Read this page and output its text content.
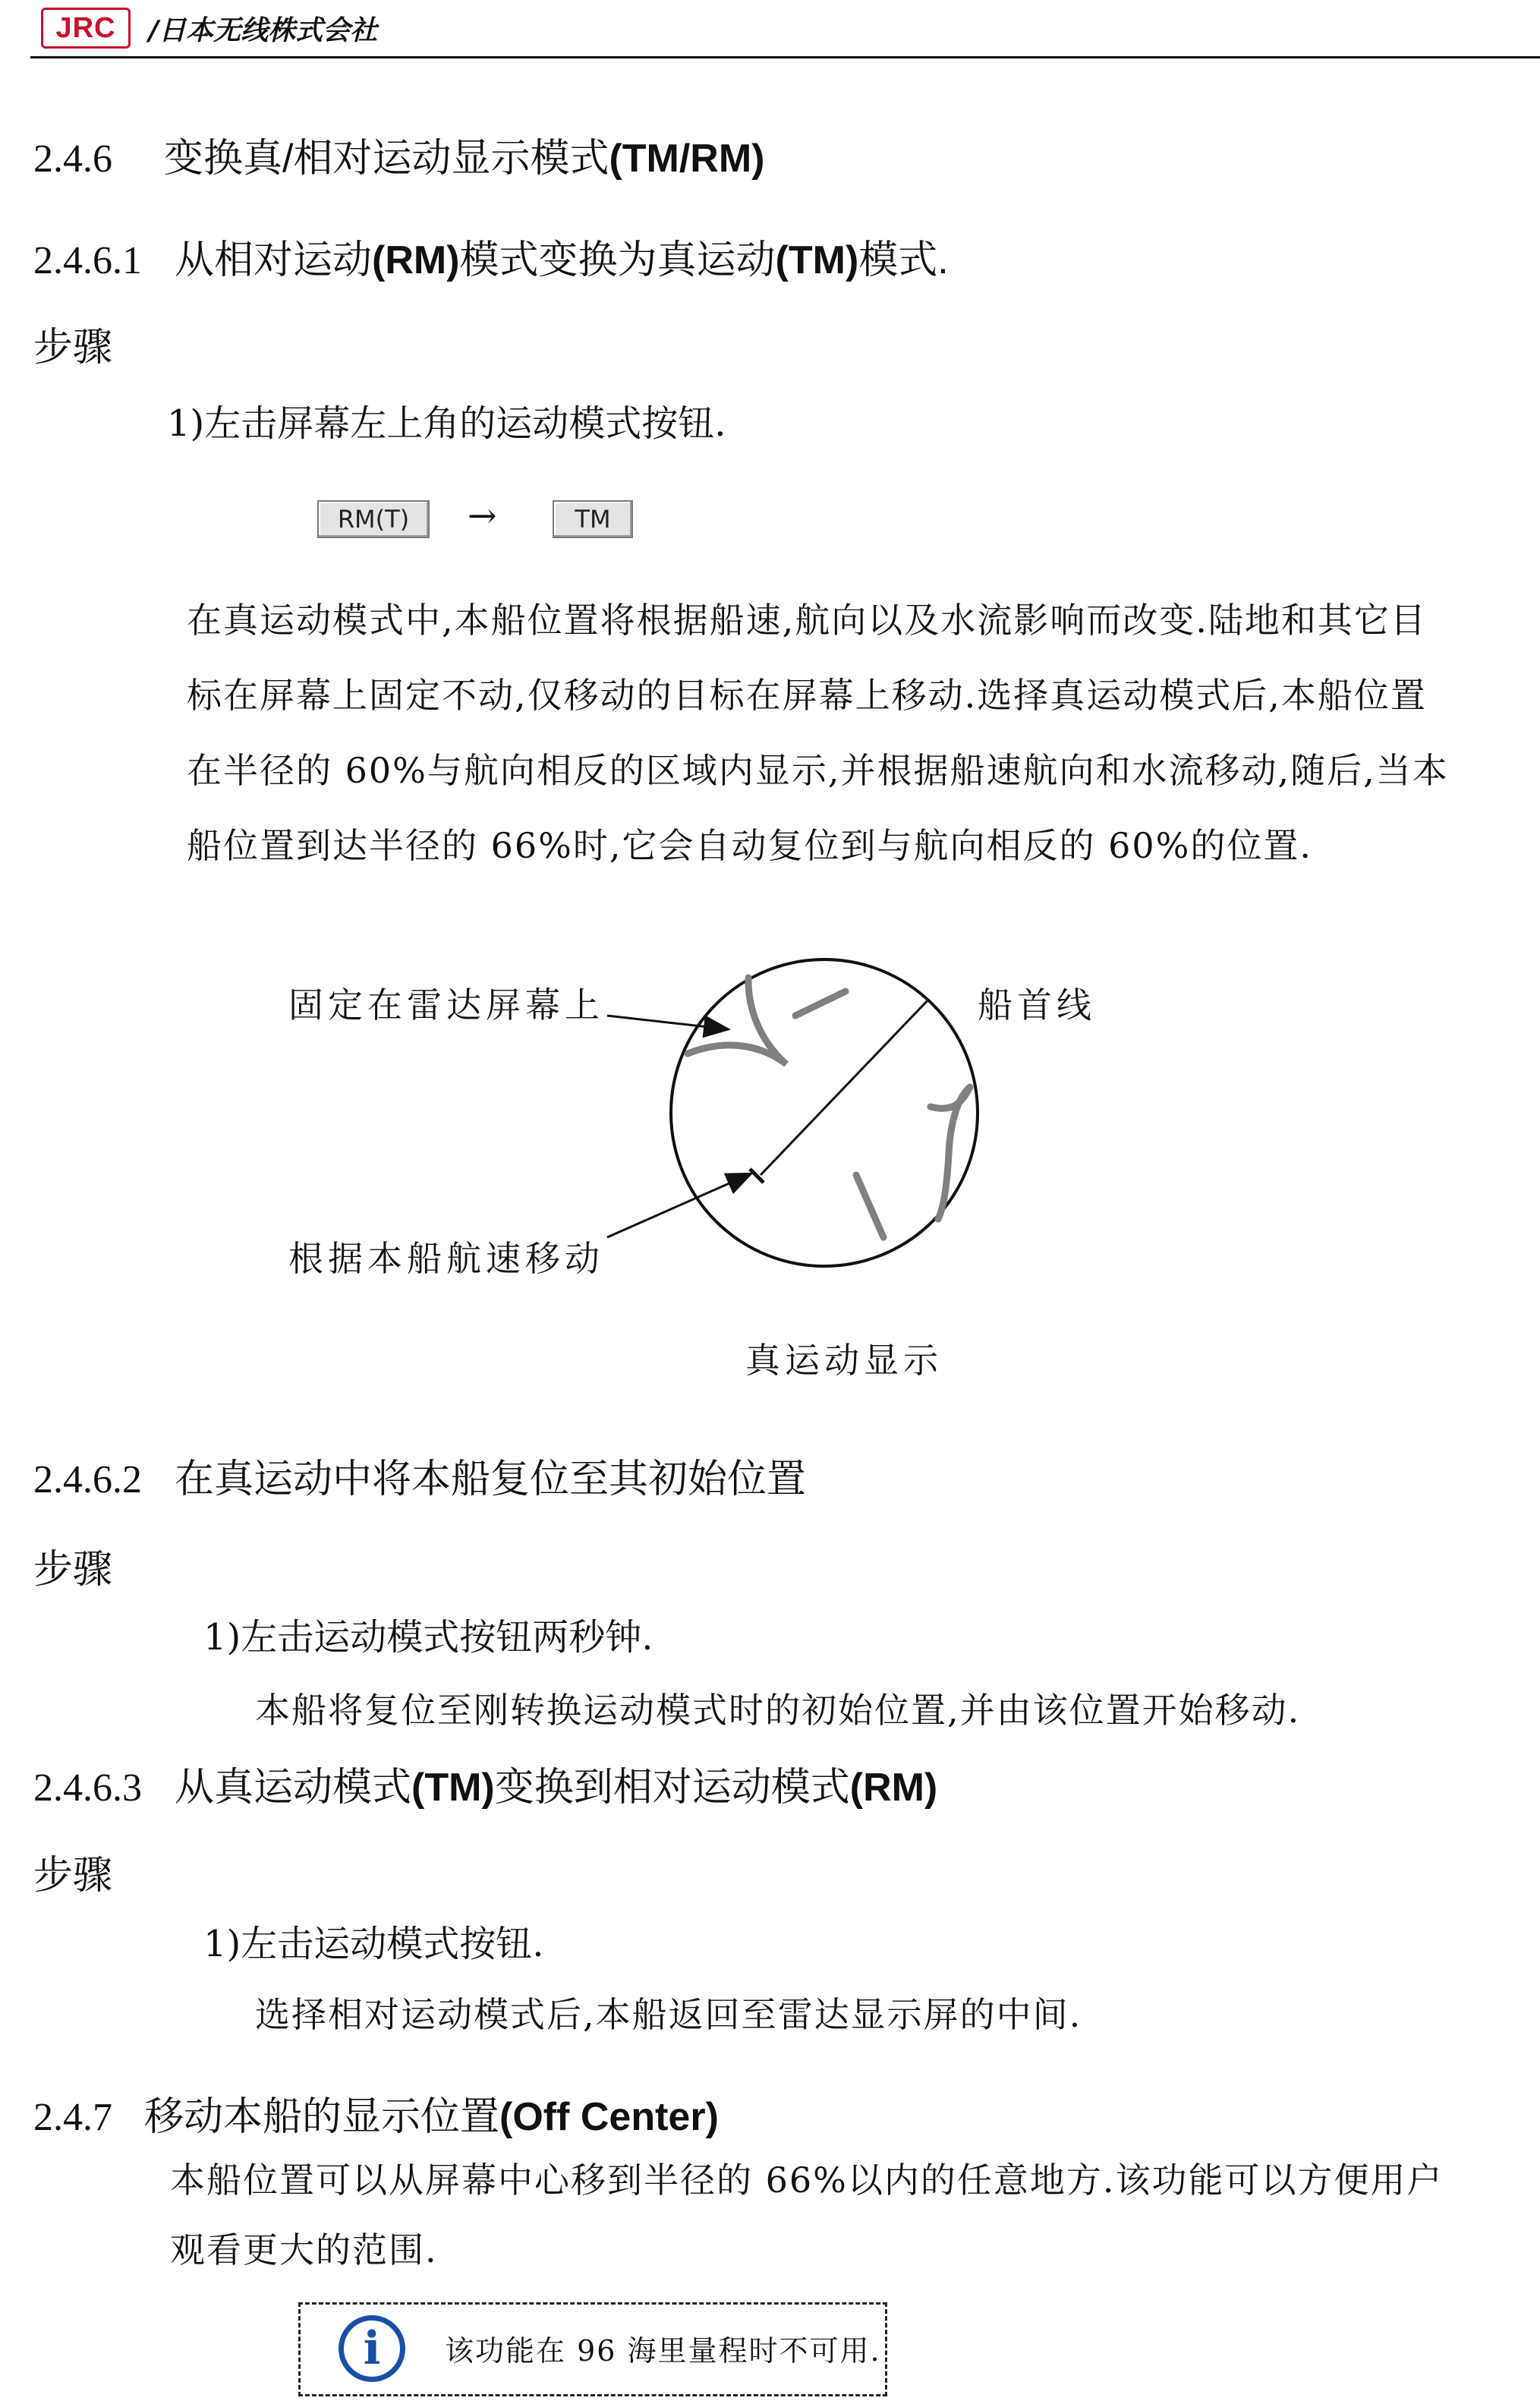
JRC	/日本无线株式会社
2.4.6 变换真/相对运动显示模式(TM/RM)
2.4.6.1 从相对运动(RM)模式变换为真运动(TM)模式.
步骤
1)左击屏幕左上角的运动模式按钮.
RM(T)	→	TM
在真运动模式中,本船位置将根据船速,航向以及水流影响而改变.陆地和其它目
标在屏幕上固定不动,仅移动的目标在屏幕上移动.选择真运动模式后,本船位置
在半径的 60%与航向相反的区域内显示,并根据船速航向和水流移动,随后,当本
船位置到达半径的 66%时,它会自动复位到与航向相反的 60%的位置.
固定在雷达屏幕上	船首线
根据本船航速移动
真运动显示
2.4.6.2 在真运动中将本船复位至其初始位置
步骤
1)左击运动模式按钮两秒钟.
本船将复位至刚转换运动模式时的初始位置,并由该位置开始移动.
2.4.6.3 从真运动模式(TM)变换到相对运动模式(RM)
步骤
1)左击运动模式按钮.
选择相对运动模式后,本船返回至雷达显示屏的中间.
2.4.7 移动本船的显示位置(Off Center)
本船位置可以从屏幕中心移到半径的 66%以内的任意地方.该功能可以方便用户
观看更大的范围.
i	该功能在 96 海里量程时不可用.
